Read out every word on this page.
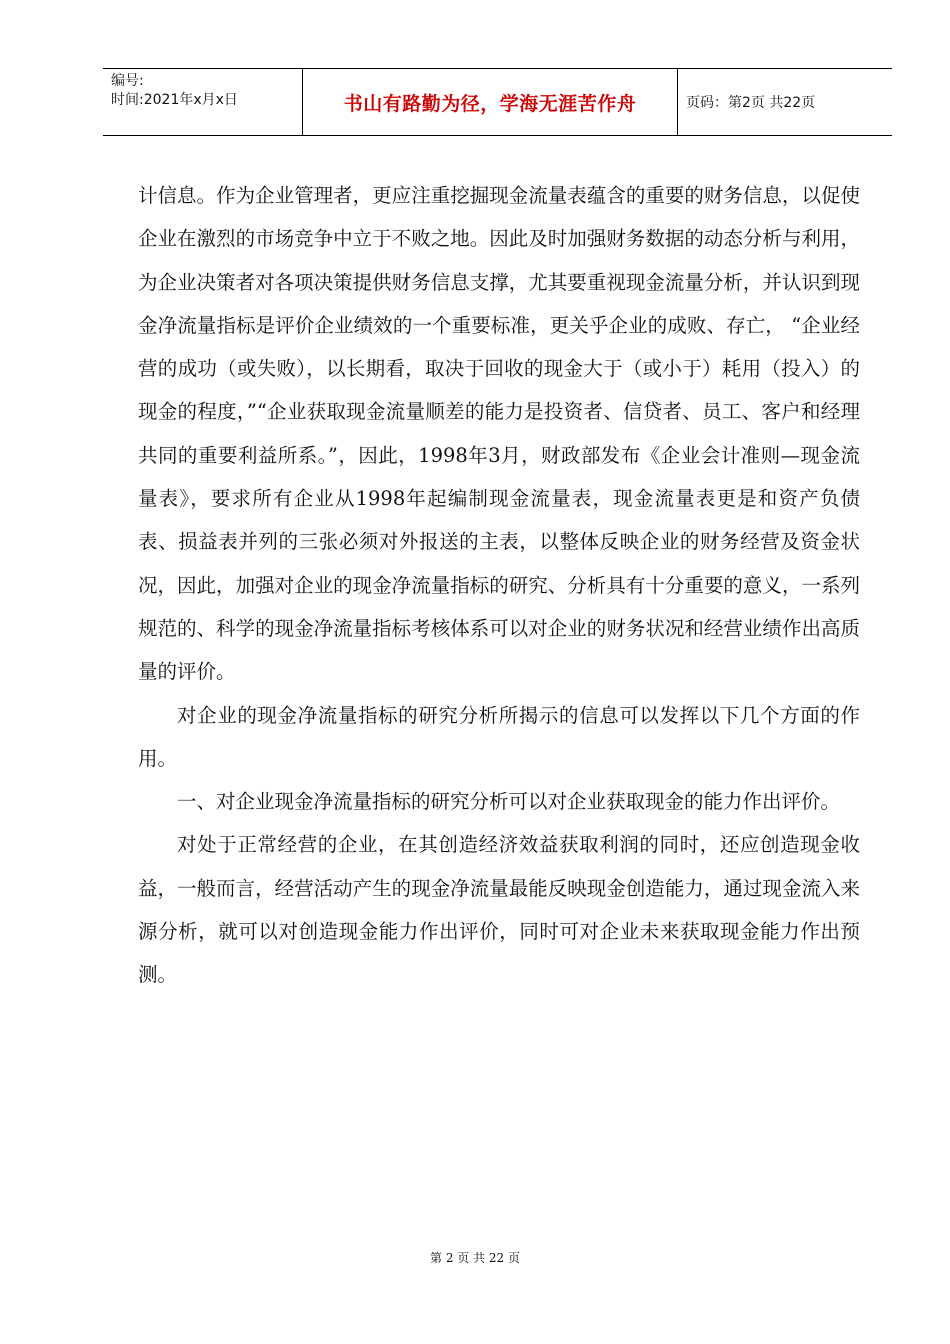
编号:
时间:2021年x月x日	书山有路勤为径，学海无涯苦作舟	页码：第2页 共22页

计信息。作为企业管理者，更应注重挖掘现金流量表蕴含的重要的财务信息，以促使企业在激烈的市场竞争中立于不败之地。因此及时加强财务数据的动态分析与利用，为企业决策者对各项决策提供财务信息支撑，尤其要重视现金流量分析，并认识到现金净流量指标是评价企业绩效的一个重要标准，更关乎企业的成败、存亡， “企业经营的成功（或失败），以长期看，取决于回收的现金大于（或小于）耗用（投入）的现金的程度，”“企业获取现金流量顺差的能力是投资者、信贷者、员工、客户和经理共同的重要利益所系。”，因此，1998年3月，财政部发布《企业会计准则—现金流量表》，要求所有企业从1998年起编制现金流量表，现金流量表更是和资产负债表、损益表并列的三张必须对外报送的主表，以整体反映企业的财务经营及资金状况，因此，加强对企业的现金净流量指标的研究、分析具有十分重要的意义，一系列规范的、科学的现金净流量指标考核体系可以对企业的财务状况和经营业绩作出高质量的评价。

对企业的现金净流量指标的研究分析所揭示的信息可以发挥以下几个方面的作用。

一、对企业现金净流量指标的研究分析可以对企业获取现金的能力作出评价。

对处于正常经营的企业，在其创造经济效益获取利润的同时，还应创造现金收益，一般而言，经营活动产生的现金净流量最能反映现金创造能力，通过现金流入来源分析，就可以对创造现金能力作出评价，同时可对企业未来获取现金能力作出预测。

第 2 页 共 22 页
